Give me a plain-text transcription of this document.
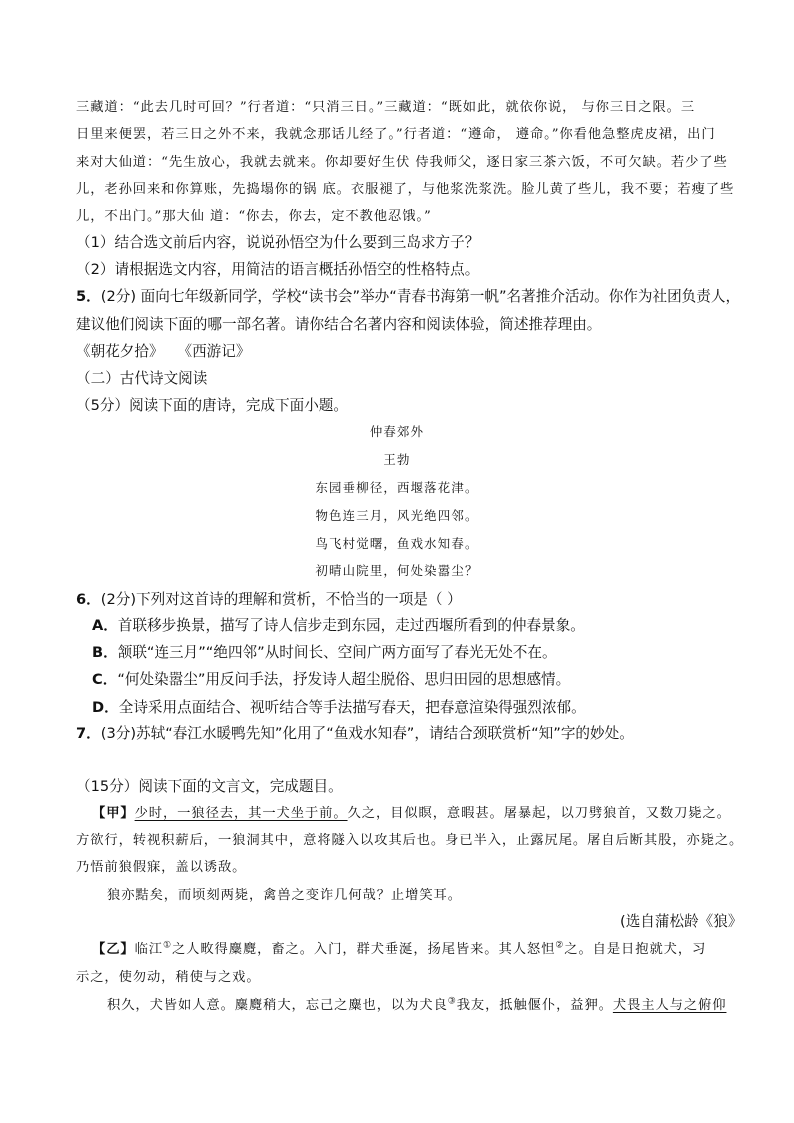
三藏道：“此去几时可回？”行者道：“只消三日。”三藏道：“既如此，就依你说， 与你三日之限。三
日里来便罢，若三日之外不来，我就念那话儿经了。”行者道：“遵命， 遵命。”你看他急整虎皮裙，出门
来对大仙道：“先生放心，我就去就来。你却要好生伏 侍我师父，逐日家三茶六饭，不可欠缺。若少了些
儿，老孙回来和你算账，先捣塌你的锅 底。衣服褪了，与他浆洗浆洗。脸儿黄了些儿，我不要；若瘦了些
儿，不出门。”那大仙 道：“你去，你去，定不教他忍饿。”
（1）结合选文前后内容，说说孙悟空为什么要到三岛求方子？
（2）请根据选文内容，用简洁的语言概括孙悟空的性格特点。
5．(2分) 面向七年级新同学，学校“读书会”举办“青春书海第一帆”名著推介活动。你作为社团负责人，
建议他们阅读下面的哪一部名著。请你结合名著内容和阅读体验，简述推荐理由。
《朝花夕拾》   《西游记》
（二）古代诗文阅读
（5分）阅读下面的唐诗，完成下面小题。
仲春郊外
王勃
东园垂柳径，西堰落花津。
物色连三月，风光绝四邻。
鸟飞村觉曙，鱼戏水知春。
初晴山院里，何处染嚣尘？
6．(2分)下列对这首诗的理解和赏析，不恰当的一项是（ ）
A．首联移步换景，描写了诗人信步走到东园，走过西堰所看到的仲春景象。
B．颔联“连三月”“绝四邻”从时间长、空间广两方面写了春光无处不在。
C．“何处染嚣尘”用反问手法，抒发诗人超尘脱俗、思归田园的思想感情。
D．全诗采用点面结合、视听结合等手法描写春天，把春意渲染得强烈浓郁。
7．(3分)苏轼“春江水暖鸭先知”化用了“鱼戏水知春”，请结合颈联赏析“知”字的妙处。
（15分）阅读下面的文言文，完成题目。
【甲】少时，一狼径去，其一犬坐于前。久之，目似瞑，意暇甚。屠暴起，以刀劈狼首，又数刀毙之。
方欲行，转视积薪后，一狼洞其中，意将隧入以攻其后也。身已半入，止露尻尾。屠自后断其股，亦毙之。
乃悟前狼假寐，盖以诱敌。
狼亦黠矣，而顷刻两毙，禽兽之变诈几何哉？止增笑耳。
(选自蒲松龄《狼》
【乙】临江①之人畋得麋麑，畜之。入门，群犬垂涎，扬尾皆来。其人怒怛②之。自是日抱就犬，习
示之，使勿动，稍使与之戏。
积久，犬皆如人意。麋麑稍大，忘己之麋也，以为犬良③我友，抵触偃仆，益狎。犬畏主人与之俯仰
